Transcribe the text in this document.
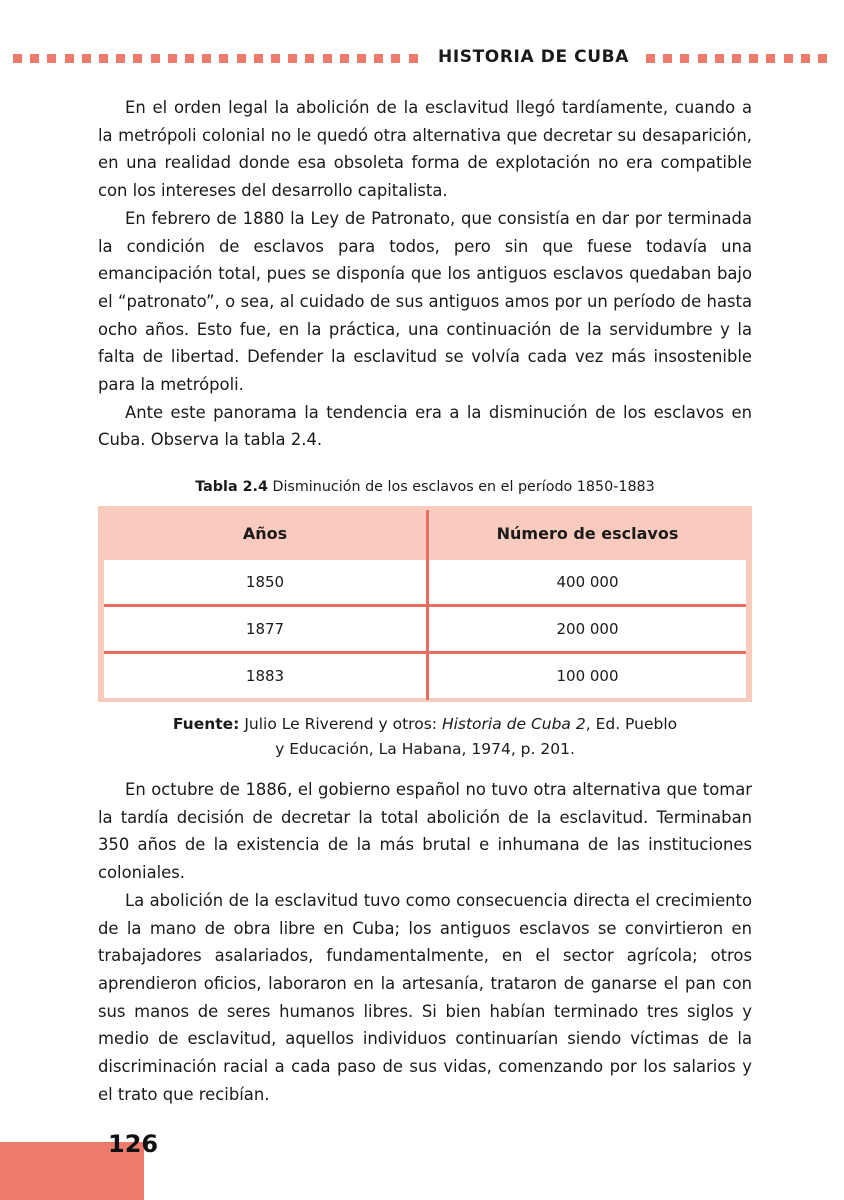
HISTORIA DE CUBA

En el orden legal la abolición de la esclavitud llegó tardíamente, cuando a la metrópoli colonial no le quedó otra alternativa que decretar su desaparición, en una realidad donde esa obsoleta forma de explotación no era compatible con los intereses del desarrollo capitalista.

En febrero de 1880 la Ley de Patronato, que consistía en dar por terminada la condición de esclavos para todos, pero sin que fuese todavía una emancipación total, pues se disponía que los antiguos esclavos quedaban bajo el “patronato”, o sea, al cuidado de sus antiguos amos por un período de hasta ocho años. Esto fue, en la práctica, una continuación de la servidumbre y la falta de libertad. Defender la esclavitud se volvía cada vez más insostenible para la metrópoli.

Ante este panorama la tendencia era a la disminución de los esclavos en Cuba. Observa la tabla 2.4.

Tabla 2.4 Disminución de los esclavos en el período 1850-1883
Años	Número de esclavos
1850	400 000
1877	200 000
1883	100 000
Fuente: Julio Le Riverend y otros: Historia de Cuba 2, Ed. Pueblo
y Educación, La Habana, 1974, p. 201.

En octubre de 1886, el gobierno español no tuvo otra alternativa que tomar la tardía decisión de decretar la total abolición de la esclavitud. Terminaban 350 años de la existencia de la más brutal e inhumana de las instituciones coloniales.

La abolición de la esclavitud tuvo como consecuencia directa el crecimiento de la mano de obra libre en Cuba; los antiguos esclavos se convirtieron en trabajadores asalariados, fundamentalmente, en el sector agrícola; otros aprendieron oficios, laboraron en la artesanía, trataron de ganarse el pan con sus manos de seres humanos libres. Si bien habían terminado tres siglos y medio de esclavitud, aquellos individuos continuarían siendo víctimas de la discriminación racial a cada paso de sus vidas, comenzando por los salarios y el trato que recibían.

126
